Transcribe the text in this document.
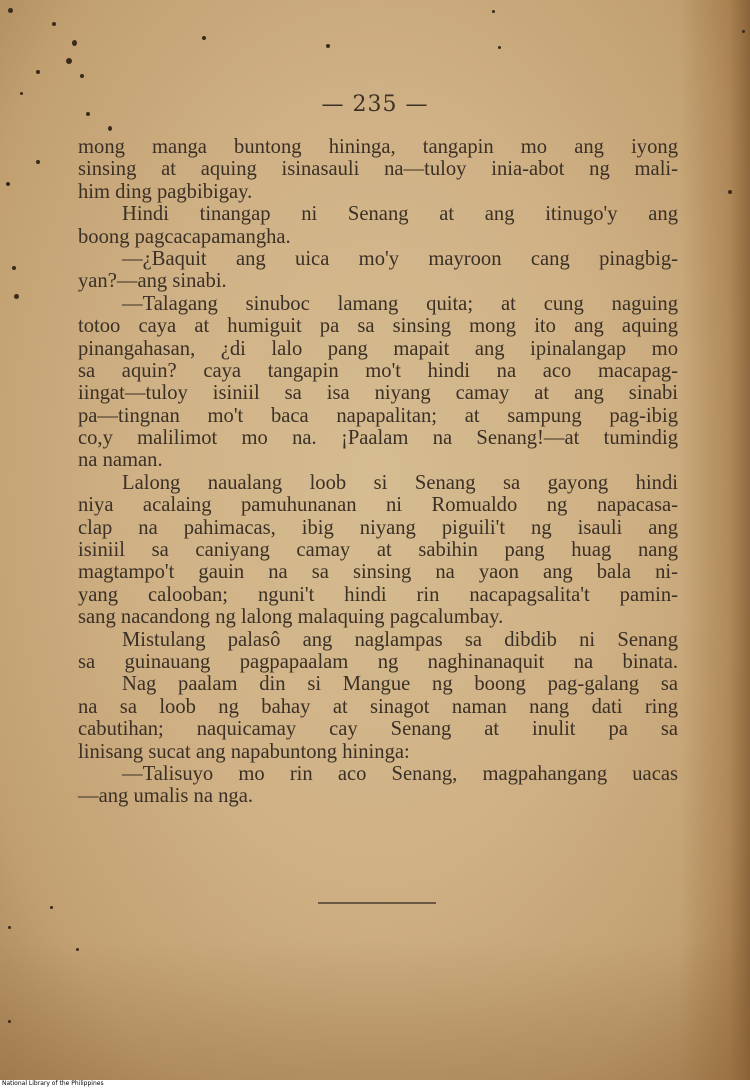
— 235 —
mong manga buntong hininga, tangapin mo ang iyong
sinsing at aquing isinasauli na—tuloy inia-abot ng mali-
him ding pagbibigay.
Hindi tinangap ni Senang at ang itinugo'y ang
boong pagcacapamangha.
—¿Baquit ang uica mo'y mayroon cang pinagbig-
yan?—ang sinabi.
—Talagang sinuboc lamang quita; at cung naguing
totoo caya at humiguit pa sa sinsing mong ito ang aquing
pinangahasan, ¿di lalo pang mapait ang ipinalangap mo
sa aquin? caya tangapin mo't hindi na aco macapag-
iingat—tuloy isiniil sa isa niyang camay at ang sinabi
pa—tingnan mo't baca napapalitan; at sampung pag-ibig
co,y malilimot mo na. ¡Paalam na Senang!—at tumindig
na naman.
Lalong naualang loob si Senang sa gayong hindi
niya acalaing pamuhunanan ni Romualdo ng napacasa-
clap na pahimacas, ibig niyang piguili't ng isauli ang
isiniil sa caniyang camay at sabihin pang huag nang
magtampo't gauin na sa sinsing na yaon ang bala ni-
yang calooban; nguni't hindi rin nacapagsalita't pamin-
sang nacandong ng lalong malaquing pagcalumbay.
Mistulang palasô ang naglampas sa dibdib ni Senang
sa guinauang pagpapaalam ng naghinanaquit na binata.
Nag paalam din si Mangue ng boong pag-galang sa
na sa loob ng bahay at sinagot naman nang dati ring
cabutihan; naquicamay cay Senang at inulit pa sa
linisang sucat ang napabuntong hininga:
—Talisuyo mo rin aco Senang, magpahangang uacas
—ang umalis na nga.
National Library of the Philippines
